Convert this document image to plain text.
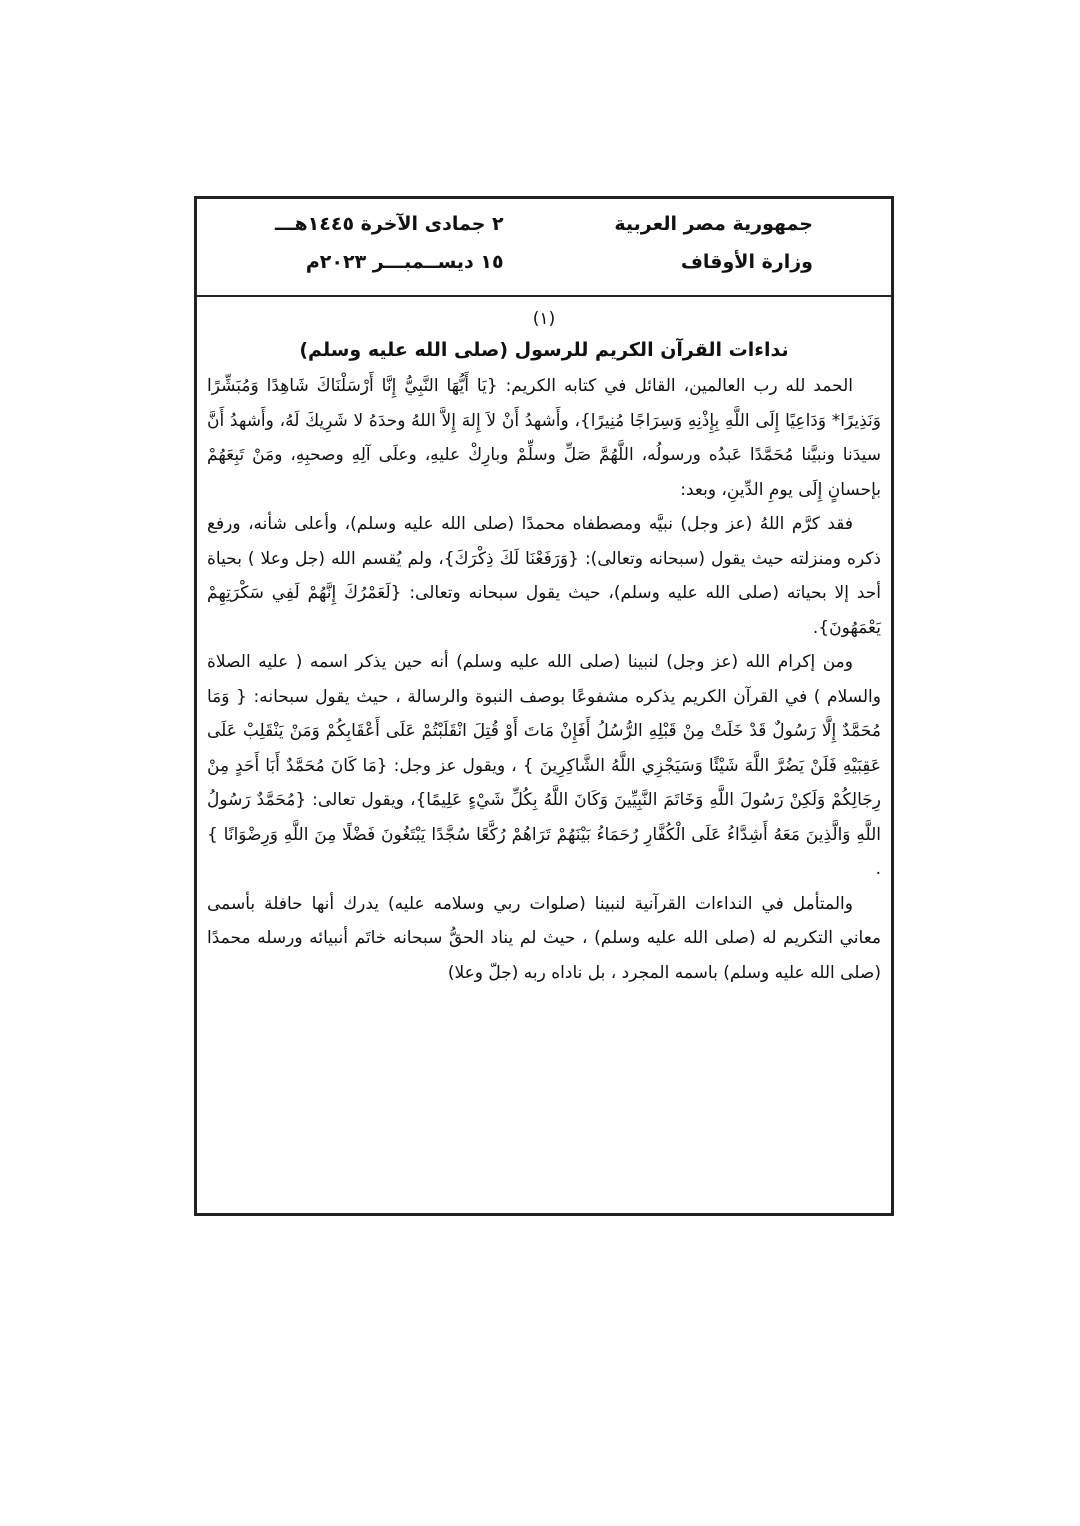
جمهورية مصر العربية
وزارة الأوقاف
٢ جمادى الآخرة ١٤٤٥هـــ
١٥ ديســمبـــر ٢٠٢٣م

(١)

نداءات القرآن الكريم للرسول (صلى الله عليه وسلم)

الحمد لله رب العالمين، القائل في كتابه الكريم: {يَا أَيُّهَا النَّبِيُّ إِنَّا أَرْسَلْنَاكَ شَاهِدًا وَمُبَشِّرًا وَنَذِيرًا* وَدَاعِيًا إِلَى اللَّهِ بِإِذْنِهِ وَسِرَاجًا مُنِيرًا}، وأَشهدُ أَنْ لاَ إِلهَ إِلاَّ اللهُ وحدَهُ لا شَرِيكَ لَهُ، وأَشهدُ أَنَّ سيدَنا ونبيَّنا مُحَمَّدًا عَبدُه ورسولُه، اللَّهُمَّ صَلِّ وسلِّمْ وبارِكْ عليهِ، وعلَى آلِهِ وصحبِهِ، ومَنْ تَبِعَهُمْ بإحسانٍ إِلَى يومِ الدِّينِ، وبعد:

فقد كرَّم اللهُ (عز وجل) نبيَّه ومصطفاه محمدًا (صلى الله عليه وسلم)، وأعلى شأنه، ورفع ذكره ومنزلته حيث يقول (سبحانه وتعالى): {وَرَفَعْنَا لَكَ ذِكْرَكَ}، ولم يُقسم الله (جل وعلا ) بحياة أحد إلا بحياته (صلى الله عليه وسلم)، حيث يقول سبحانه وتعالى: {لَعَمْرُكَ إِنَّهُمْ لَفِي سَكْرَتِهِمْ يَعْمَهُونَ}.

ومن إكرام الله (عز وجل) لنبينا (صلى الله عليه وسلم) أنه حين يذكر اسمه ( عليه الصلاة والسلام ) في القرآن الكريم يذكره مشفوعًا بوصف النبوة والرسالة ، حيث يقول سبحانه: { وَمَا مُحَمَّدٌ إِلَّا رَسُولٌ قَدْ خَلَتْ مِنْ قَبْلِهِ الرُّسُلُ أَفَإِنْ مَاتَ أَوْ قُتِلَ انْقَلَبْتُمْ عَلَى أَعْقَابِكُمْ وَمَنْ يَنْقَلِبْ عَلَى عَقِبَيْهِ فَلَنْ يَضُرَّ اللَّهَ شَيْئًا وَسَيَجْزِي اللَّهُ الشَّاكِرِينَ } ، ويقول عز وجل: {مَا كَانَ مُحَمَّدٌ أَبَا أَحَدٍ مِنْ رِجَالِكُمْ وَلَكِنْ رَسُولَ اللَّهِ وَخَاتَمَ النَّبِيِّينَ وَكَانَ اللَّهُ بِكُلِّ شَيْءٍ عَلِيمًا}، ويقول تعالى: {مُحَمَّدٌ رَسُولُ اللَّهِ وَالَّذِينَ مَعَهُ أَشِدَّاءُ عَلَى الْكُفَّارِ رُحَمَاءُ بَيْنَهُمْ تَرَاهُمْ رُكَّعًا سُجَّدًا يَبْتَغُونَ فَضْلًا مِنَ اللَّهِ وَرِضْوَانًا } .

والمتأمل في النداءات القرآنية لنبينا (صلوات ربي وسلامه عليه) يدرك أنها حافلة بأسمى معاني التكريم له (صلى الله عليه وسلم) ، حيث لم يناد الحقُّ سبحانه خاتَم أنبيائه ورسله محمدًا (صلى الله عليه وسلم) باسمه المجرد ، بل ناداه ربه (جلّ وعلا)
